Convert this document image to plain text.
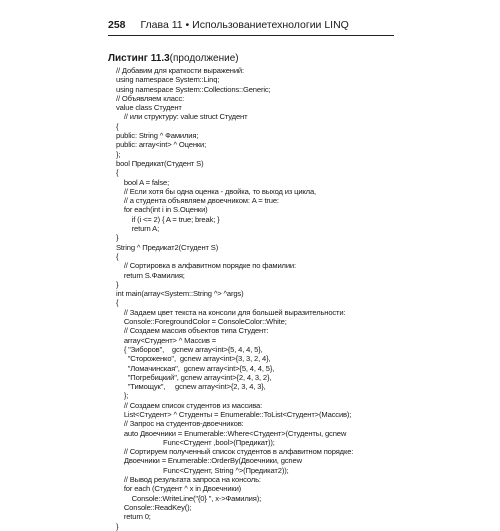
258 Глава 11 • Использованиетехнологии LINQ
Листинг 11.3(продолжение)
// Добавим для краткости выражений:
using namespace System::Linq;
using namespace System::Collections::Generic;
// Объявляем класс:
value class Студент
// или структуру: value struct Студент
{
public: String ^ Фамилия;
public: array<int> ^ Оценки;
};
bool Предикат(Студент S)
{
bool A = false;
// Если хотя бы одна оценка - двойка, то выход из цикла,
// а студента объявляем двоечником: A = true:
for each(int i in S.Оценки)
if (i <= 2) { A = true; break; }
return A;
}
String ^ Предикат2(Студент S)
{
// Сортировка в алфавитном порядке по фамилии:
return S.Фамилия;
}
int main(array<System::String ^> ^args)
{
// Задаем цвет текста на консоли для большей выразительности:
Console::ForegroundColor = ConsoleColor::White;
// Создаем массив объектов типа Студент:
array<Студент> ^ Массив =
{ "Зиборов",    gcnew array<int>{5, 4, 4, 5},
"Стороженко",  gcnew array<int>{3, 3, 2, 4},
"Ломачинская",  gcnew array<int>{5, 4, 4, 5},
"Погребицкий", gcnew array<int>{2, 4, 3, 2},
"Тимощук",     gcnew array<int>{2, 3, 4, 3},
};
// Создаем список студентов из массива:
List<Студент> ^ Студенты = Enumerable::ToList<Студент>(Массив);
// Запрос на студентов-двоечников:
auto Двоечники = Enumerable::Where<Студент>(Студенты, gcnew
Func<Студент ,bool>(Предикат));
// Сортируем полученный список студентов в алфавитном порядке:
Двоечники = Enumerable::OrderBy(Двоечники, gcnew
Func<Студент, String ^>(Предикат2));
// Вывод результата запроса на консоль:
for each (Студент ^ x in Двоечники)
Console::WriteLine("{0} ", x->Фамилия);
Console::ReadKey();
return 0;
}
